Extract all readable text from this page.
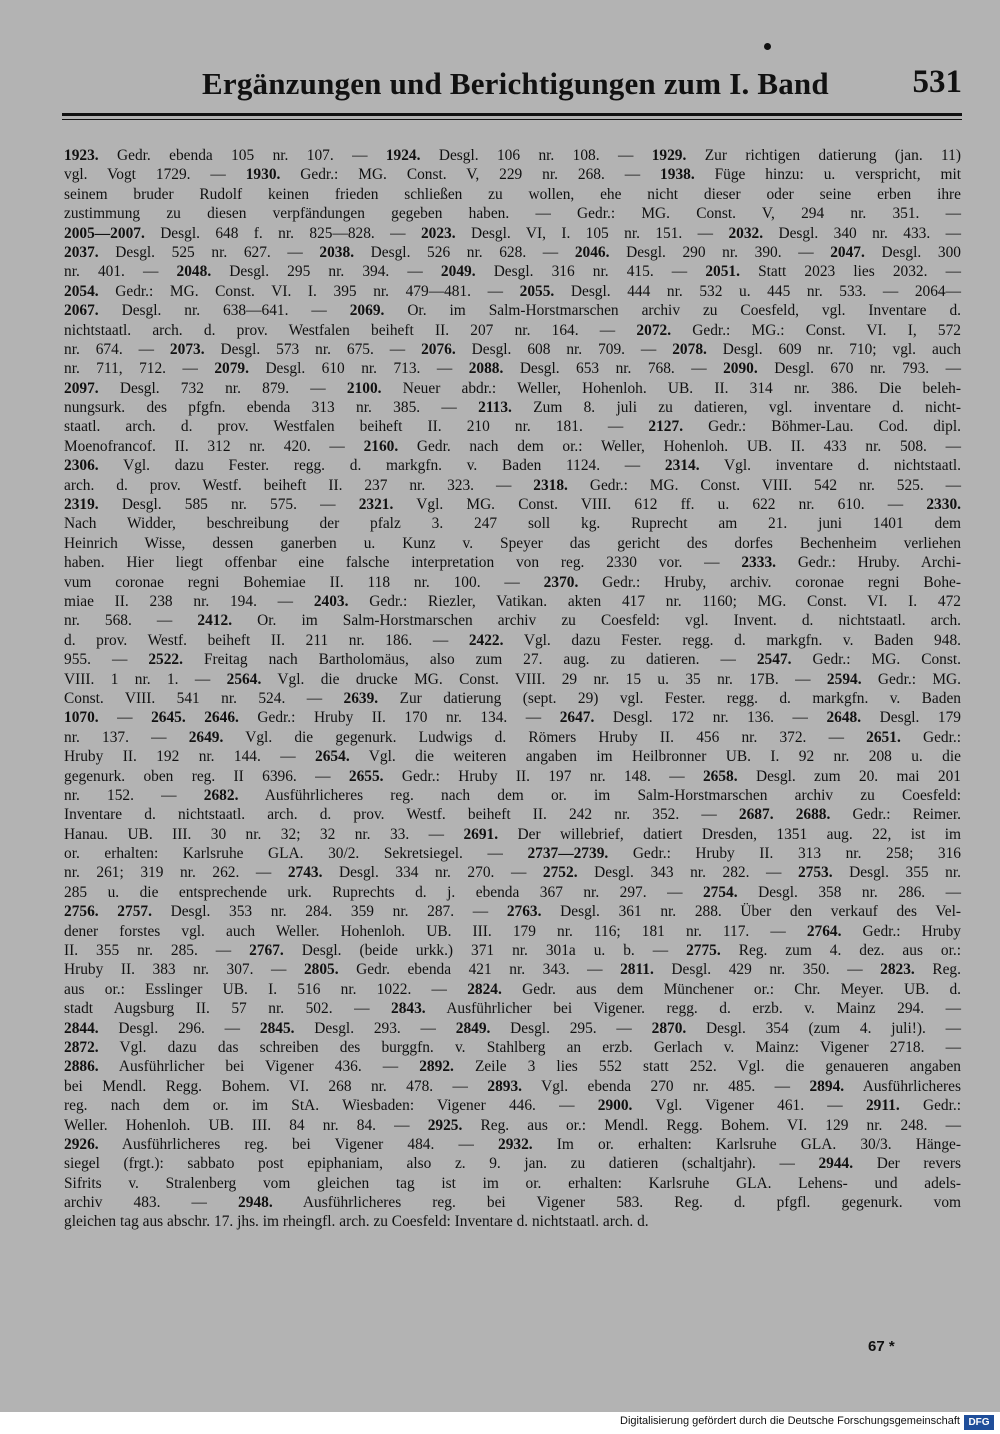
Ergänzungen und Berichtigungen zum I. Band	531
1923. Gedr. ebenda 105 nr. 107. — 1924. Desgl. 106 nr. 108. — 1929. Zur richtigen datierung (jan. 11)
vgl. Vogt 1729. — 1930. Gedr.: MG. Const. V, 229 nr. 268. — 1938. Füge hinzu: u. verspricht, mit
seinem bruder Rudolf keinen frieden schließen zu wollen, ehe nicht dieser oder seine erben ihre
zustimmung zu diesen verpfändungen gegeben haben. — Gedr.: MG. Const. V, 294 nr. 351. —
2005—2007. Desgl. 648 f. nr. 825—828. — 2023. Desgl. VI, I. 105 nr. 151. — 2032. Desgl. 340 nr. 433. —
2037. Desgl. 525 nr. 627. — 2038. Desgl. 526 nr. 628. — 2046. Desgl. 290 nr. 390. — 2047. Desgl. 300
nr. 401. — 2048. Desgl. 295 nr. 394. — 2049. Desgl. 316 nr. 415. — 2051. Statt 2023 lies 2032. —
2054. Gedr.: MG. Const. VI. I. 395 nr. 479—481. — 2055. Desgl. 444 nr. 532 u. 445 nr. 533. — 2064—
2067. Desgl. nr. 638—641. — 2069. Or. im Salm-Horstmarschen archiv zu Coesfeld, vgl. Inventare d.
nichtstaatl. arch. d. prov. Westfalen beiheft II. 207 nr. 164. — 2072. Gedr.: MG.: Const. VI. I, 572
nr. 674. — 2073. Desgl. 573 nr. 675. — 2076. Desgl. 608 nr. 709. — 2078. Desgl. 609 nr. 710; vgl. auch
nr. 711, 712. — 2079. Desgl. 610 nr. 713. — 2088. Desgl. 653 nr. 768. — 2090. Desgl. 670 nr. 793. —
2097. Desgl. 732 nr. 879. — 2100. Neuer abdr.: Weller, Hohenloh. UB. II. 314 nr. 386. Die beleh-
nungsurk. des pfgfn. ebenda 313 nr. 385. — 2113. Zum 8. juli zu datieren, vgl. inventare d. nicht-
staatl. arch. d. prov. Westfalen beiheft II. 210 nr. 181. — 2127. Gedr.: Böhmer-Lau. Cod. dipl.
Moenofrancof. II. 312 nr. 420. — 2160. Gedr. nach dem or.: Weller, Hohenloh. UB. II. 433 nr. 508. —
2306. Vgl. dazu Fester. regg. d. markgfn. v. Baden 1124. — 2314. Vgl. inventare d. nichtstaatl.
arch. d. prov. Westf. beiheft II. 237 nr. 323. — 2318. Gedr.: MG. Const. VIII. 542 nr. 525. —
2319. Desgl. 585 nr. 575. — 2321. Vgl. MG. Const. VIII. 612 ff. u. 622 nr. 610. — 2330.
Nach Widder, beschreibung der pfalz 3. 247 soll kg. Ruprecht am 21. juni 1401 dem
Heinrich Wisse, dessen ganerben u. Kunz v. Speyer das gericht des dorfes Bechenheim verliehen
haben. Hier liegt offenbar eine falsche interpretation von reg. 2330 vor. — 2333. Gedr.: Hruby. Archi-
vum coronae regni Bohemiae II. 118 nr. 100. — 2370. Gedr.: Hruby, archiv. coronae regni Bohe-
miae II. 238 nr. 194. — 2403. Gedr.: Riezler, Vatikan. akten 417 nr. 1160; MG. Const. VI. I. 472
nr. 568. — 2412. Or. im Salm-Horstmarschen archiv zu Coesfeld: vgl. Invent. d. nichtstaatl. arch.
d. prov. Westf. beiheft II. 211 nr. 186. — 2422. Vgl. dazu Fester. regg. d. markgfn. v. Baden 948.
955. — 2522. Freitag nach Bartholomäus, also zum 27. aug. zu datieren. — 2547. Gedr.: MG. Const.
VIII. 1 nr. 1. — 2564. Vgl. die drucke MG. Const. VIII. 29 nr. 15 u. 35 nr. 17B. — 2594. Gedr.: MG.
Const. VIII. 541 nr. 524. — 2639. Zur datierung (sept. 29) vgl. Fester. regg. d. markgfn. v. Baden
1070. — 2645. 2646. Gedr.: Hruby II. 170 nr. 134. — 2647. Desgl. 172 nr. 136. — 2648. Desgl. 179
nr. 137. — 2649. Vgl. die gegenurk. Ludwigs d. Römers Hruby II. 456 nr. 372. — 2651. Gedr.:
Hruby II. 192 nr. 144. — 2654. Vgl. die weiteren angaben im Heilbronner UB. I. 92 nr. 208 u. die
gegenurk. oben reg. II 6396. — 2655. Gedr.: Hruby II. 197 nr. 148. — 2658. Desgl. zum 20. mai 201
nr. 152. — 2682. Ausführlicheres reg. nach dem or. im Salm-Horstmarschen archiv zu Coesfeld:
Inventare d. nichtstaatl. arch. d. prov. Westf. beiheft II. 242 nr. 352. — 2687. 2688. Gedr.: Reimer.
Hanau. UB. III. 30 nr. 32; 32 nr. 33. — 2691. Der willebrief, datiert Dresden, 1351 aug. 22, ist im
or. erhalten: Karlsruhe GLA. 30/2. Sekretsiegel. — 2737—2739. Gedr.: Hruby II. 313 nr. 258; 316
nr. 261; 319 nr. 262. — 2743. Desgl. 334 nr. 270. — 2752. Desgl. 343 nr. 282. — 2753. Desgl. 355 nr.
285 u. die entsprechende urk. Ruprechts d. j. ebenda 367 nr. 297. — 2754. Desgl. 358 nr. 286. —
2756. 2757. Desgl. 353 nr. 284. 359 nr. 287. — 2763. Desgl. 361 nr. 288. Über den verkauf des Vel-
dener forstes vgl. auch Weller. Hohenloh. UB. III. 179 nr. 116; 181 nr. 117. — 2764. Gedr.: Hruby
II. 355 nr. 285. — 2767. Desgl. (beide urkk.) 371 nr. 301a u. b. — 2775. Reg. zum 4. dez. aus or.:
Hruby II. 383 nr. 307. — 2805. Gedr. ebenda 421 nr. 343. — 2811. Desgl. 429 nr. 350. — 2823. Reg.
aus or.: Esslinger UB. I. 516 nr. 1022. — 2824. Gedr. aus dem Münchener or.: Chr. Meyer. UB. d.
stadt Augsburg II. 57 nr. 502. — 2843. Ausführlicher bei Vigener. regg. d. erzb. v. Mainz 294. —
2844. Desgl. 296. — 2845. Desgl. 293. — 2849. Desgl. 295. — 2870. Desgl. 354 (zum 4. juli!). —
2872. Vgl. dazu das schreiben des burggfn. v. Stahlberg an erzb. Gerlach v. Mainz: Vigener 2718. —
2886. Ausführlicher bei Vigener 436. — 2892. Zeile 3 lies 552 statt 252. Vgl. die genaueren angaben
bei Mendl. Regg. Bohem. VI. 268 nr. 478. — 2893. Vgl. ebenda 270 nr. 485. — 2894. Ausführlicheres
reg. nach dem or. im StA. Wiesbaden: Vigener 446. — 2900. Vgl. Vigener 461. — 2911. Gedr.:
Weller. Hohenloh. UB. III. 84 nr. 84. — 2925. Reg. aus or.: Mendl. Regg. Bohem. VI. 129 nr. 248. —
2926. Ausführlicheres reg. bei Vigener 484. — 2932. Im or. erhalten: Karlsruhe GLA. 30/3. Hänge-
siegel (frgt.): sabbato post epiphaniam, also z. 9. jan. zu datieren (schaltjahr). — 2944. Der revers
Sifrits v. Stralenberg vom gleichen tag ist im or. erhalten: Karlsruhe GLA. Lehens- und adels-
archiv 483. — 2948. Ausführlicheres reg. bei Vigener 583. Reg. d. pfgfl. gegenurk. vom
gleichen tag aus abschr. 17. jhs. im rheingfl. arch. zu Coesfeld: Inventare d. nichtstaatl. arch. d.
67 *
Digitalisierung gefördert durch die Deutsche Forschungsgemeinschaft DFG
